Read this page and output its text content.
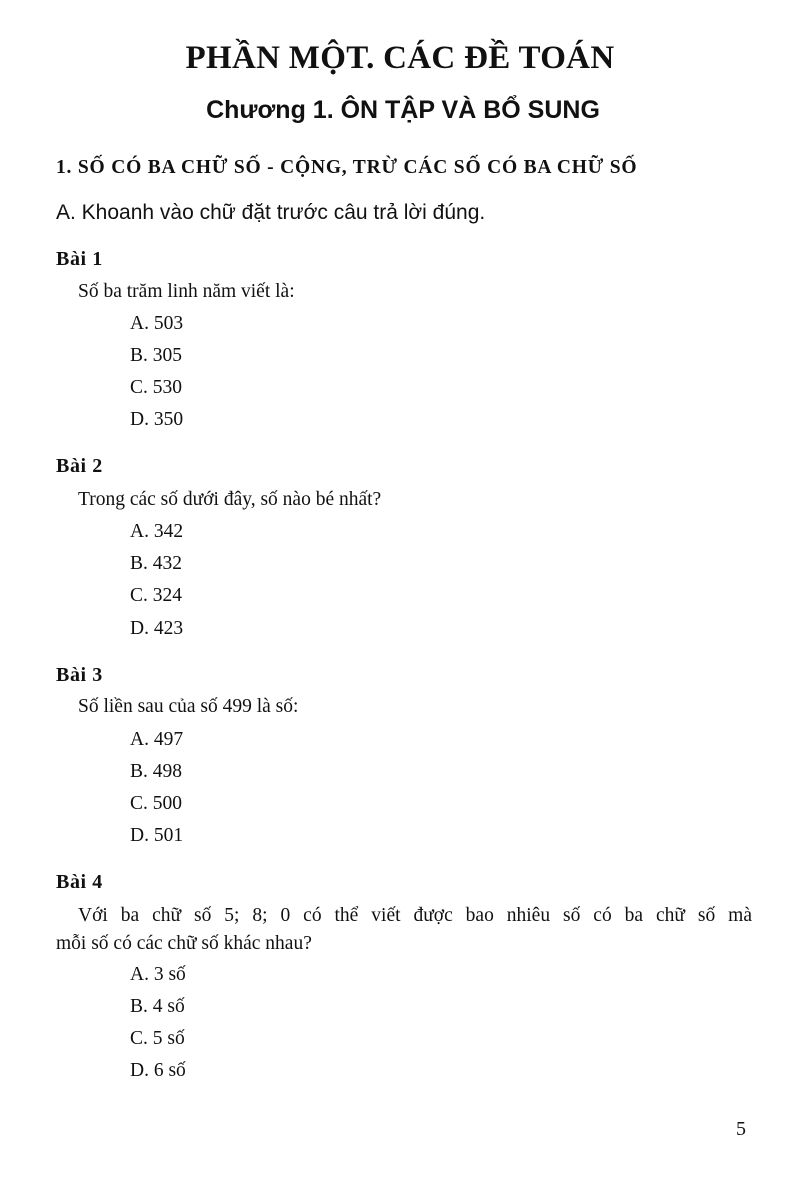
PHẦN MỘT. CÁC ĐỀ TOÁN
Chương 1. ÔN TẬP VÀ BỔ SUNG
1. SỐ CÓ BA CHỮ SỐ - CỘNG, TRỪ CÁC SỐ CÓ BA CHỮ SỐ

A. Khoanh vào chữ đặt trước câu trả lời đúng.

Bài 1

Số ba trăm linh năm viết là:

A. 503

B. 305

C. 530

D. 350

Bài 2

Trong các số dưới đây, số nào bé nhất?

A. 342

B. 432

C. 324

D. 423

Bài 3

Số liền sau của số 499 là số:

A. 497

B. 498

C. 500

D. 501

Bài 4

Với ba chữ số 5; 8; 0 có thể viết được bao nhiêu số có ba chữ số mà
mỗi số có các chữ số khác nhau?

A. 3 số

B. 4 số

C. 5 số

D. 6 số

5
